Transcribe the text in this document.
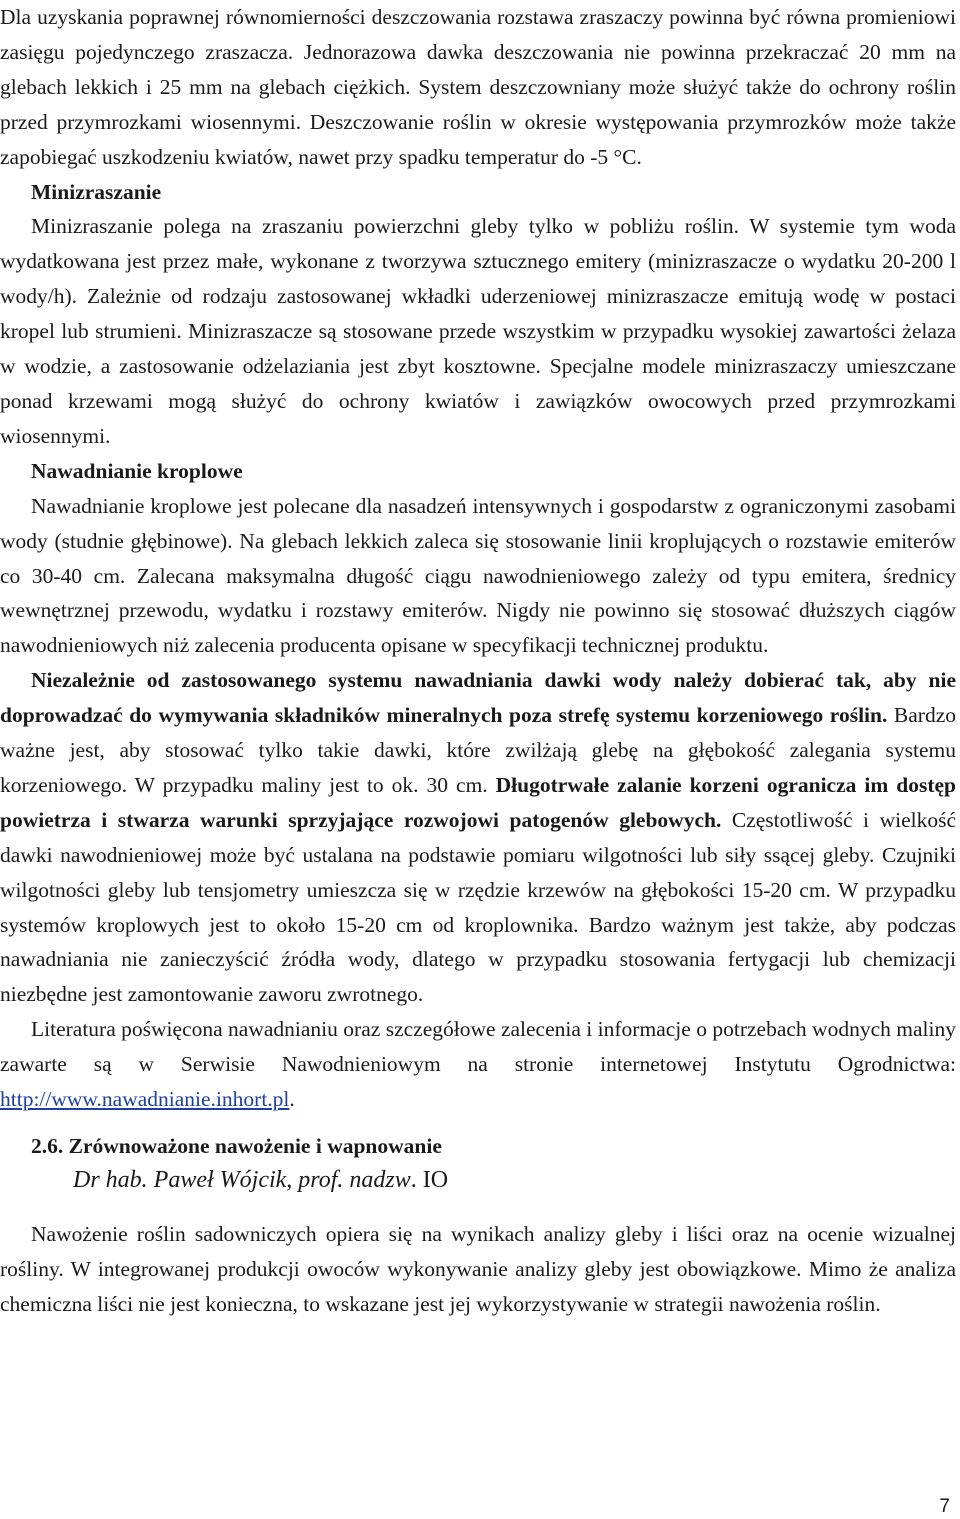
Dla uzyskania poprawnej równomierności deszczowania rozstawa zraszaczy powinna być równa promieniowi zasięgu pojedynczego zraszacza. Jednorazowa dawka deszczowania nie powinna przekraczać 20 mm na glebach lekkich i 25 mm na glebach ciężkich. System deszczowniany może służyć także do ochrony roślin przed przymrozkami wiosennymi. Deszczowanie roślin w okresie występowania przymrozków może także zapobiegać uszkodzeniu kwiatów, nawet przy spadku temperatur do -5 °C.

Minizraszanie

Minizraszanie polega na zraszaniu powierzchni gleby tylko w pobliżu roślin. W systemie tym woda wydatkowana jest przez małe, wykonane z tworzywa sztucznego emitery (minizraszacze o wydatku 20-200 l wody/h). Zależnie od rodzaju zastosowanej wkładki uderzeniowej minizraszacze emitują wodę w postaci kropel lub strumieni. Minizraszacze są stosowane przede wszystkim w przypadku wysokiej zawartości żelaza w wodzie, a zastosowanie odżelaziania jest zbyt kosztowne. Specjalne modele minizraszaczy umieszczane ponad krzewami mogą służyć do ochrony kwiatów i zawiązków owocowych przed przymrozkami wiosennymi.

Nawadnianie kroplowe

Nawadnianie kroplowe jest polecane dla nasadzeń intensywnych i gospodarstw z ograniczonymi zasobami wody (studnie głębinowe). Na glebach lekkich zaleca się stosowanie linii kroplujących o rozstawie emiterów co 30-40 cm. Zalecana maksymalna długość ciągu nawodnieniowego zależy od typu emitera, średnicy wewnętrznej przewodu, wydatku i rozstawy emiterów. Nigdy nie powinno się stosować dłuższych ciągów nawodnieniowych niż zalecenia producenta opisane w specyfikacji technicznej produktu.

Niezależnie od zastosowanego systemu nawadniania dawki wody należy dobierać tak, aby nie doprowadzać do wymywania składników mineralnych poza strefę systemu korzeniowego roślin. Bardzo ważne jest, aby stosować tylko takie dawki, które zwilżają glebę na głębokość zalegania systemu korzeniowego. W przypadku maliny jest to ok. 30 cm. Długotrwałe zalanie korzeni ogranicza im dostęp powietrza i stwarza warunki sprzyjające rozwojowi patogenów glebowych. Częstotliwość i wielkość dawki nawodnieniowej może być ustalana na podstawie pomiaru wilgotności lub siły ssącej gleby. Czujniki wilgotności gleby lub tensjometry umieszcza się w rzędzie krzewów na głębokości 15-20 cm. W przypadku systemów kroplowych jest to około 15-20 cm od kroplownika. Bardzo ważnym jest także, aby podczas nawadniania nie zanieczyścić źródła wody, dlatego w przypadku stosowania fertygacji lub chemizacji niezbędne jest zamontowanie zaworu zwrotnego.

Literatura poświęcona nawadnianiu oraz szczegółowe zalecenia i informacje o potrzebach wodnych maliny zawarte są w Serwisie Nawodnieniowym na stronie internetowej Instytutu Ogrodnictwa: http://www.nawadnianie.inhort.pl.

2.6. Zrównoważone nawożenie i wapnowanie

Dr hab. Paweł Wójcik, prof. nadzw. IO

Nawożenie roślin sadowniczych opiera się na wynikach analizy gleby i liści oraz na ocenie wizualnej rośliny. W integrowanej produkcji owoców wykonywanie analizy gleby jest obowiązkowe. Mimo że analiza chemiczna liści nie jest konieczna, to wskazane jest jej wykorzystywanie w strategii nawożenia roślin.

7
